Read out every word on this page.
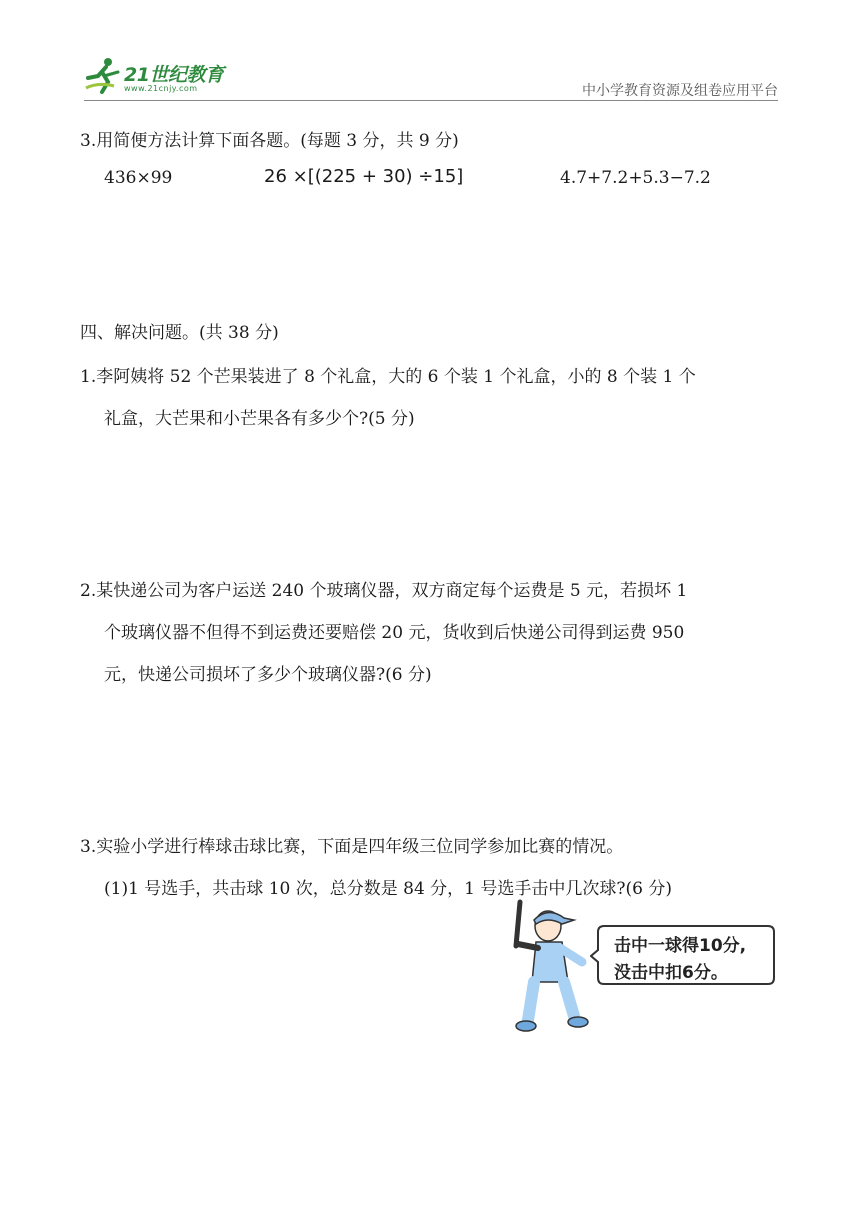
21世纪教育
www.21cnjy.com	中小学教育资源及组卷应用平台
3.用简便方法计算下面各题。(每题 3 分，共 9 分)
436×99	26 ×[(225 + 30) ÷15]	4.7+7.2+5.3−7.2
四、解决问题。(共 38 分)
1.李阿姨将 52 个芒果装进了 8 个礼盒，大的 6 个装 1 个礼盒，小的 8 个装 1 个
礼盒，大芒果和小芒果各有多少个?(5 分)
2.某快递公司为客户运送 240 个玻璃仪器，双方商定每个运费是 5 元，若损坏 1
个玻璃仪器不但得不到运费还要赔偿 20 元，货收到后快递公司得到运费 950
元，快递公司损坏了多少个玻璃仪器?(6 分)
3.实验小学进行棒球击球比赛，下面是四年级三位同学参加比赛的情况。
(1)1 号选手，共击球 10 次，总分数是 84 分，1 号选手击中几次球?(6 分)
击中一球得10分,
没击中扣6分。
